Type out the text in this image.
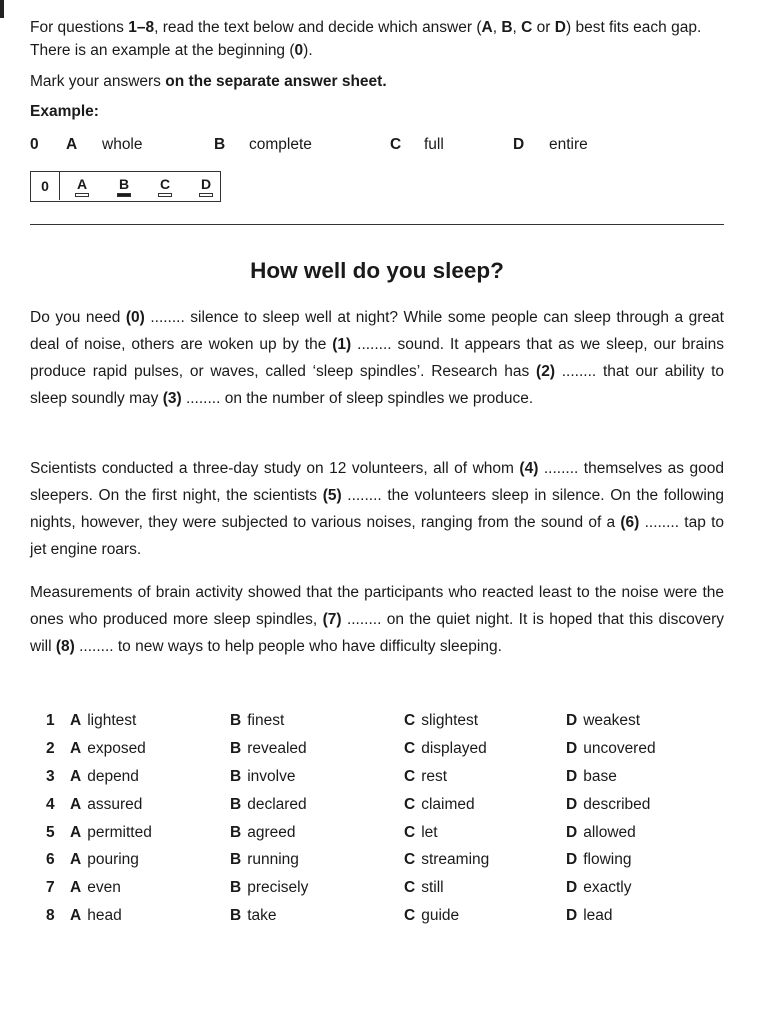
For questions 1–8, read the text below and decide which answer (A, B, C or D) best fits each gap. There is an example at the beginning (0).

Mark your answers on the separate answer sheet.

Example:
0 A whole	B complete	C full	D entire
0	A B C D
How well do you sleep?

Do you need (0) ........ silence to sleep well at night? While some people can sleep through a great deal of noise, others are woken up by the (1) ........ sound. It appears that as we sleep, our brains produce rapid pulses, or waves, called ‘sleep spindles’. Research has (2) ........ that our ability to sleep soundly may (3) ........ on the number of sleep spindles we produce.

Scientists conducted a three-day study on 12 volunteers, all of whom (4) ........ themselves as good sleepers. On the first night, the scientists (5) ........ the volunteers sleep in silence. On the following nights, however, they were subjected to various noises, ranging from the sound of a (6) ........ tap to jet engine roars.

Measurements of brain activity showed that the participants who reacted least to the noise were the ones who produced more sleep spindles, (7) ........ on the quiet night. It is hoped that this discovery will (8) ........ to new ways to help people who have difficulty sleeping.

1 A lightest	B finest	C slightest	D weakest
2 A exposed	B revealed	C displayed	D uncovered
3 A depend	B involve	C rest	D base
4 A assured	B declared	C claimed	D described
5 A permitted	B agreed	C let	D allowed
6 A pouring	B running	C streaming	D flowing
7 A even	B precisely	C still	D exactly
8 A head	B take	C guide	D lead
